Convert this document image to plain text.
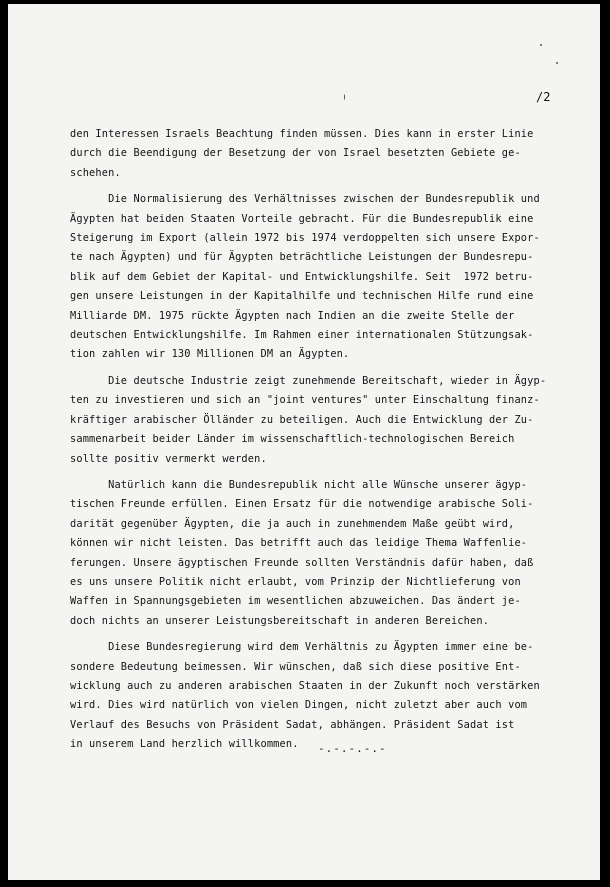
/2
den Interessen Israels Beachtung finden müssen. Dies kann in erster Linie
durch die Beendigung der Besetzung der von Israel besetzten Gebiete ge-
schehen.
Die Normalisierung des Verhältnisses zwischen der Bundesrepublik und
Ägypten hat beiden Staaten Vorteile gebracht. Für die Bundesrepublik eine
Steigerung im Export (allein 1972 bis 1974 verdoppelten sich unsere Expor-
te nach Ägypten) und für Ägypten beträchtliche Leistungen der Bundesrepu-
blik auf dem Gebiet der Kapital- und Entwicklungshilfe. Seit  1972 betru-
gen unsere Leistungen in der Kapitalhilfe und technischen Hilfe rund eine
Milliarde DM. 1975 rückte Ägypten nach Indien an die zweite Stelle der
deutschen Entwicklungshilfe. Im Rahmen einer internationalen Stützungsak-
tion zahlen wir 130 Millionen DM an Ägypten.
Die deutsche Industrie zeigt zunehmende Bereitschaft, wieder in Ägyp-
ten zu investieren und sich an "joint ventures" unter Einschaltung finanz-
kräftiger arabischer Ölländer zu beteiligen. Auch die Entwicklung der Zu-
sammenarbeit beider Länder im wissenschaftlich-technologischen Bereich
sollte positiv vermerkt werden.
Natürlich kann die Bundesrepublik nicht alle Wünsche unserer ägyp-
tischen Freunde erfüllen. Einen Ersatz für die notwendige arabische Soli-
darität gegenüber Ägypten, die ja auch in zunehmendem Maße geübt wird,
können wir nicht leisten. Das betrifft auch das leidige Thema Waffenlie-
ferungen. Unsere ägyptischen Freunde sollten Verständnis dafür haben, daß
es uns unsere Politik nicht erlaubt, vom Prinzip der Nichtlieferung von
Waffen in Spannungsgebieten im wesentlichen abzuweichen. Das ändert je-
doch nichts an unserer Leistungsbereitschaft in anderen Bereichen.
Diese Bundesregierung wird dem Verhältnis zu Ägypten immer eine be-
sondere Bedeutung beimessen. Wir wünschen, daß sich diese positive Ent-
wicklung auch zu anderen arabischen Staaten in der Zukunft noch verstärken
wird. Dies wird natürlich von vielen Dingen, nicht zuletzt aber auch vom
Verlauf des Besuchs von Präsident Sadat, abhängen. Präsident Sadat ist
in unserem Land herzlich willkommen.	-.-.-.-.-
